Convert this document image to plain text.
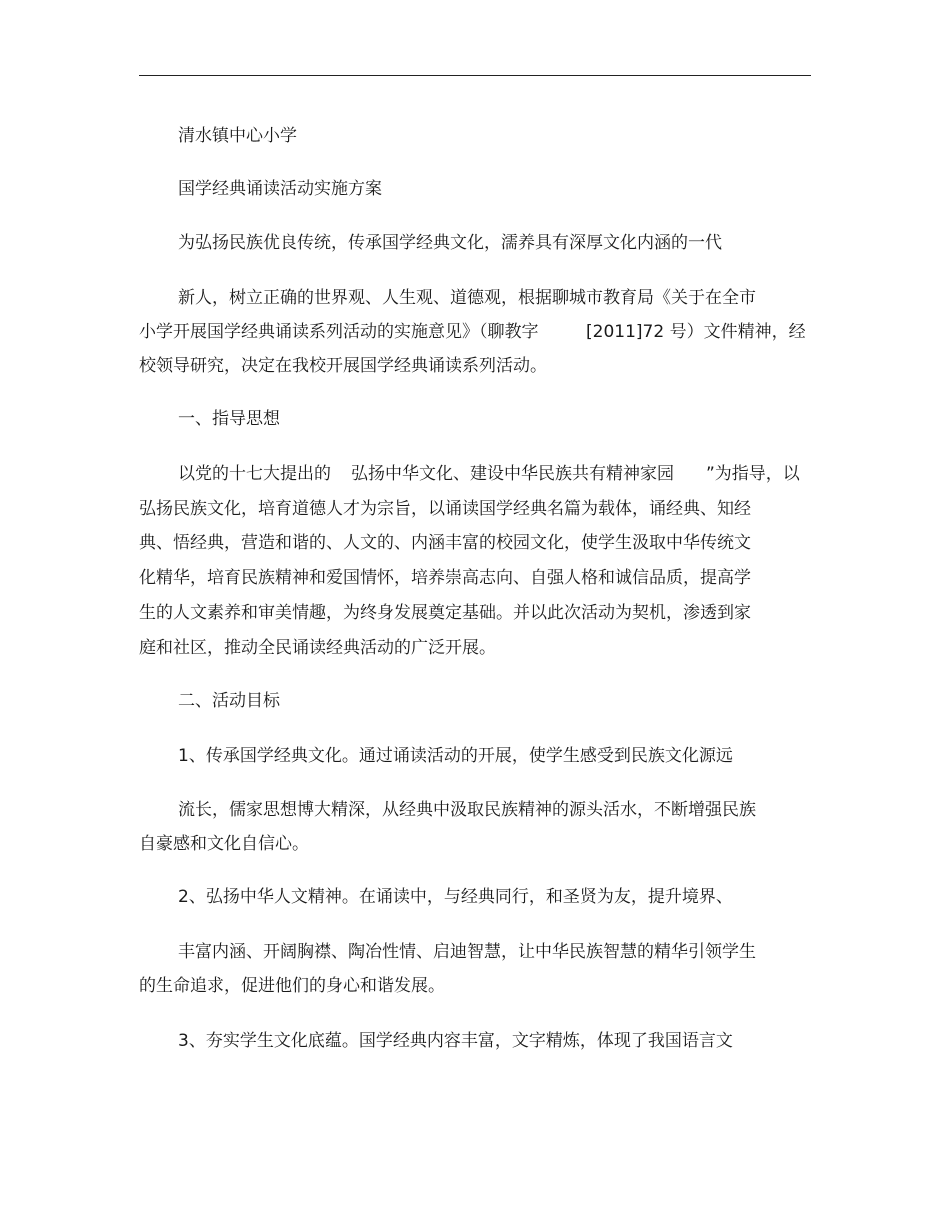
清水镇中心小学
国学经典诵读活动实施方案
为弘扬民族优良传统，传承国学经典文化，濡养具有深厚文化内涵的一代
新人，树立正确的世界观、人生观、道德观，根据聊城市教育局《关于在全市
小学开展国学经典诵读系列活动的实施意见》（聊教字	[2011]72 号）文件精神，经
校领导研究，决定在我校开展国学经典诵读系列活动。
一、指导思想
以党的十七大提出的 弘扬中华文化、建设中华民族共有精神家园 ”为指导，以
弘扬民族文化，培育道德人才为宗旨，以诵读国学经典名篇为载体，诵经典、知经
典、悟经典，营造和谐的、人文的、内涵丰富的校园文化，使学生汲取中华传统文
化精华，培育民族精神和爱国情怀，培养崇高志向、自强人格和诚信品质，提高学
生的人文素养和审美情趣，为终身发展奠定基础。并以此次活动为契机，渗透到家
庭和社区，推动全民诵读经典活动的广泛开展。
二、活动目标
1、传承国学经典文化。通过诵读活动的开展，使学生感受到民族文化源远
流长，儒家思想博大精深，从经典中汲取民族精神的源头活水，不断增强民族
自豪感和文化自信心。
2、弘扬中华人文精神。在诵读中，与经典同行，和圣贤为友，提升境界、
丰富内涵、开阔胸襟、陶冶性情、启迪智慧，让中华民族智慧的精华引领学生
的生命追求，促进他们的身心和谐发展。
3、夯实学生文化底蕴。国学经典内容丰富，文字精炼，体现了我国语言文
